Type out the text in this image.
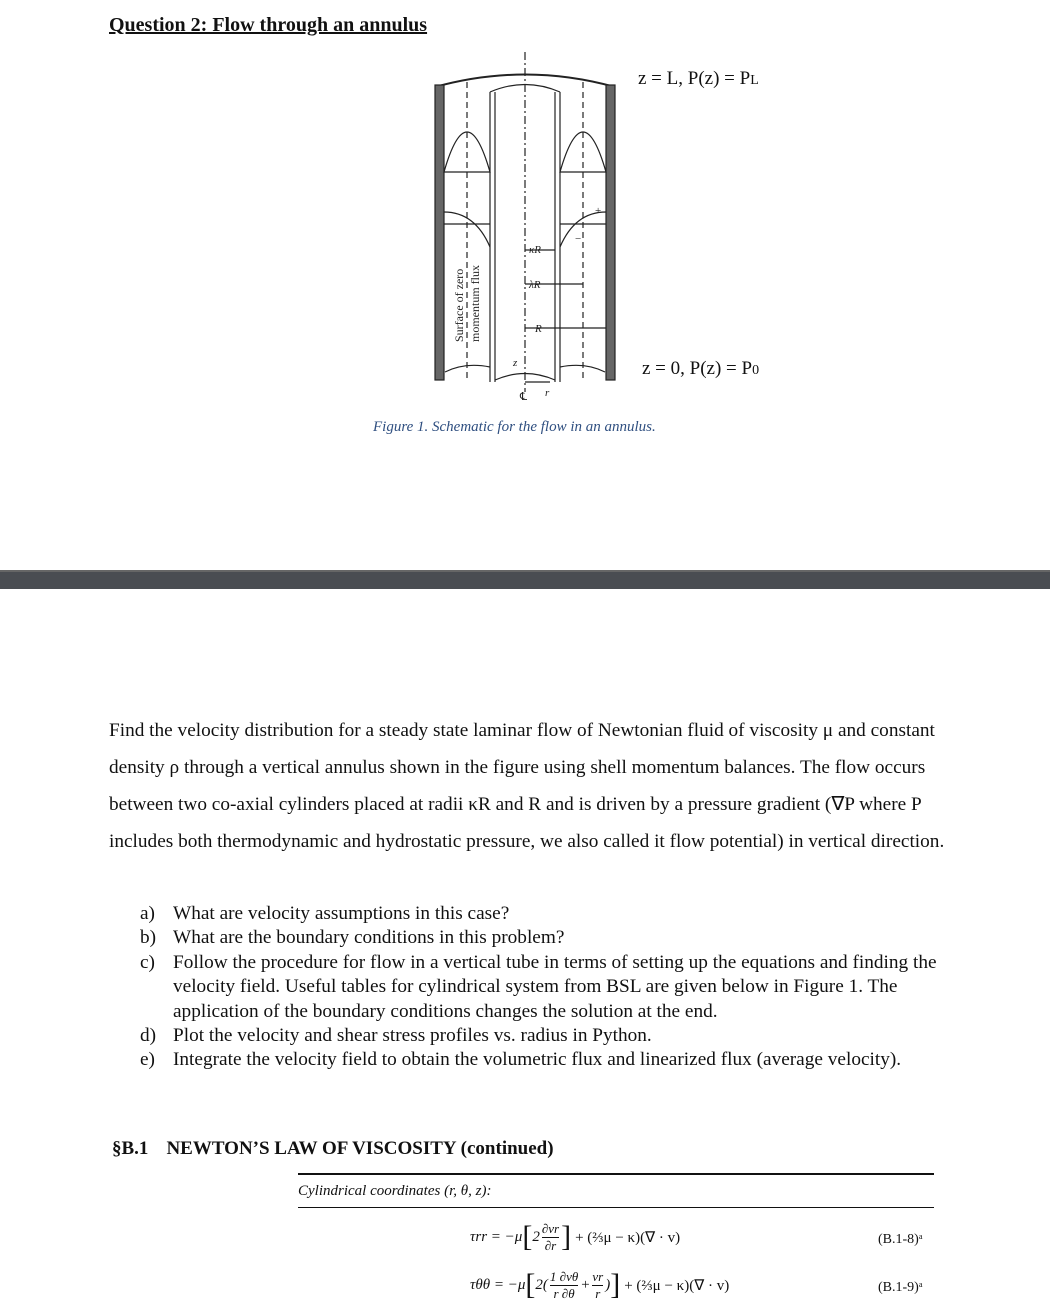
Question 2: Flow through an annulus
κR
λR
R
z
r
℄
+
−
Surface of zero momentum flux
z = L, P(z) = PL
z = 0, P(z) = P0
Figure 1. Schematic for the flow in an annulus.
Find the velocity distribution for a steady state laminar flow of Newtonian fluid of viscosity μ and constant density ρ through a vertical annulus shown in the figure using shell momentum balances. The flow occurs between two co-axial cylinders placed at radii κR and R and is driven by a pressure gradient (∇P where P includes both thermodynamic and hydrostatic pressure, we also called it flow potential) in vertical direction.
a) What are velocity assumptions in this case?
b) What are the boundary conditions in this problem?
c) Follow the procedure for flow in a vertical tube in terms of setting up the equations and finding the velocity field. Useful tables for cylindrical system from BSL are given below in Figure 1. The application of the boundary conditions changes the solution at the end.
d) Plot the velocity and shear stress profiles vs. radius in Python.
e) Integrate the velocity field to obtain the volumetric flux and linearized flux (average velocity).
§B.1 NEWTON’S LAW OF VISCOSITY (continued)
Cylindrical coordinates (r, θ, z):
τrr = −μ [ $2 \frac{\partial vr}{\partial r}$ ] + (⅔μ − κ)(∇ · v)	(B.1-8)ᵃ
τθθ = −μ [ $2( \frac{1 \partial v\theta}{r \partial\theta} + \frac{vr}{r}$ ) ] + (⅔μ − κ)(∇ · v)	(B.1-9)ᵃ
